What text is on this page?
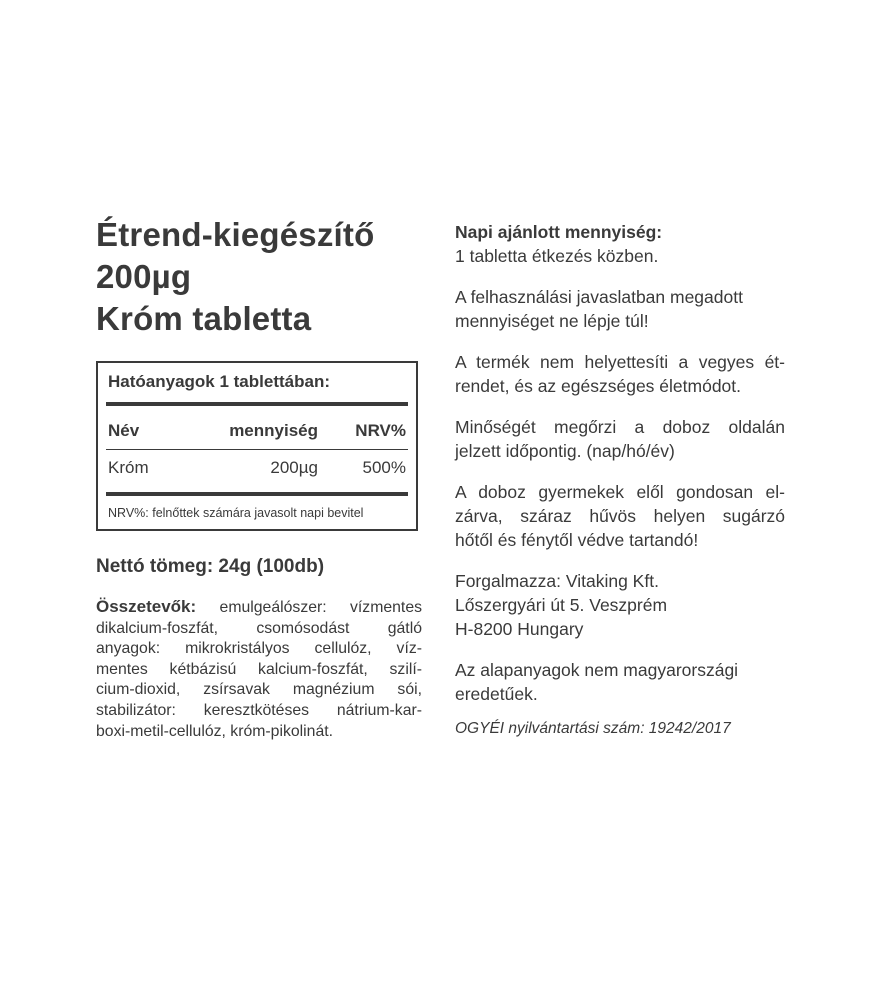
Étrend-kiegészítő
200µg
Króm tabletta
Hatóanyagok 1 tablettában:
Név	mennyiség	NRV%
Króm	200µg	500%
NRV%: felnőttek számára javasolt napi bevitel
Nettó tömeg: 24g (100db)
Összetevők: emulgeálószer: vízmentes
dikalcium-foszfát, csomósodást gátló
anyagok: mikrokristályos cellulóz, víz-
mentes kétbázisú kalcium-foszfát, szilí-
cium-dioxid, zsírsavak magnézium sói,
stabilizátor: keresztkötéses nátrium-kar-
boxi-metil-cellulóz, króm-pikolinát.
Napi ajánlott mennyiség:
1 tabletta étkezés közben.
A felhasználási javaslatban megadott
mennyiséget ne lépje túl!
A termék nem helyettesíti a vegyes ét-
rendet, és az egészséges életmódot.
Minőségét megőrzi a doboz oldalán
jelzett időpontig. (nap/hó/év)
A doboz gyermekek elől gondosan el-
zárva, száraz hűvös helyen sugárzó
hőtől és fénytől védve tartandó!
Forgalmazza: Vitaking Kft.
Lőszergyári út 5. Veszprém
H-8200 Hungary
Az alapanyagok nem magyarországi
eredetűek.
OGYÉI nyilvántartási szám: 19242/2017
